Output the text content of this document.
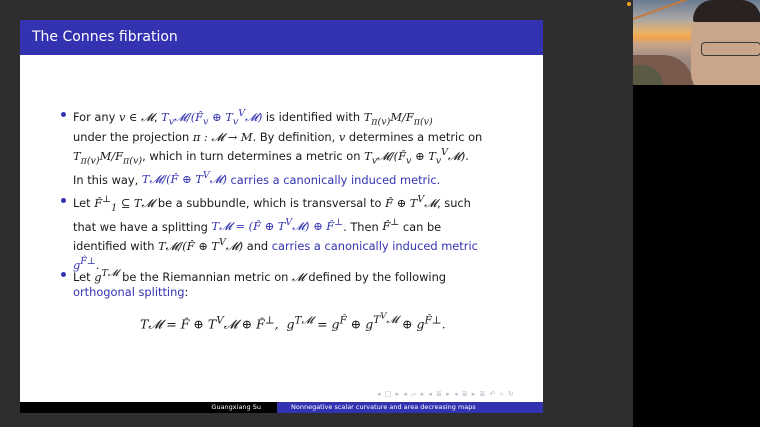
The Connes fibration
For any v ∈ 𝓜, $T_v𝓜/(F̂_v$ ⊕ $T_v^V𝓜$) is identified with $T_{\pi(v)}M/F_{\pi(v)}$
under the projection π : 𝓜 → M. By definition, v determines a metric on
$T_{\pi(v)}M/F_{\pi(v)}$, which in turn determines a metric on $T_v𝓜/(F̂_v$ ⊕ $T_v^V𝓜$).
In this way, T𝓜/(F̂ ⊕ $T^V𝓜$) carries a canonically induced metric.
Let $F̂^\perp_1$ ⊆ T𝓜 be a subbundle, which is transversal to F̂ ⊕ $T^V𝓜$, such
that we have a splitting T𝓜 = (F̂ ⊕ $T^V𝓜$) ⊕ F̂⊥. Then F̂⊥ can be
identified with T𝓜/(F̂ ⊕ $T^V𝓜$) and carries a canonically induced metric
$g^{F̂\perp}$.
Let $g^{T𝓜}$ be the Riemannian metric on 𝓜 defined by the following
orthogonal splitting:
T𝓜 = F̂ ⊕ $T^V𝓜$ ⊕ F̂⊥,  $g^{T𝓜} = g^{F̂}$ ⊕ $g^{T^V𝓜}$ ⊕ $g^{F̂\perp}$.
◂ □ ▸ ◂ ▱ ▸ ◂ ≣ ▸ ◂ ≣ ▸ ≣ ↶ ⌕ ↻
Guangxiang Su	Nonnegative scalar curvature and area decreasing maps
